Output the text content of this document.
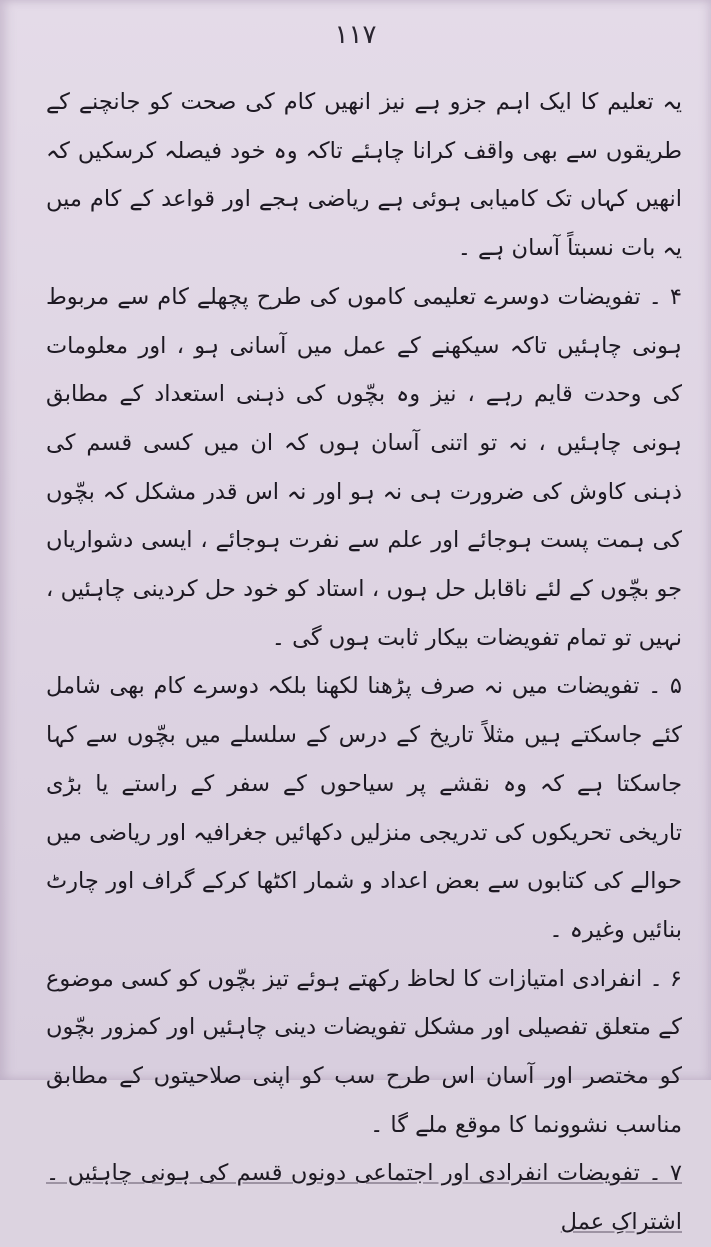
١١٧

یہ تعلیم کا ایک اہم جزو ہے نیز انھیں کام کی صحت کو جانچنے کے طریقوں سے بھی واقف کرانا چاہئے تاکہ وہ خود فیصلہ کرسکیں کہ انھیں کہاں تک کامیابی ہوئی ہے ریاضی ہجے اور قواعد کے کام میں یہ بات نسبتاً آسان ہے ۔

۴ ۔ تفویضات دوسرے تعلیمی کاموں کی طرح پچھلے کام سے مربوط ہونی چاہئیں تاکہ سیکھنے کے عمل میں آسانی ہو ، اور معلومات کی وحدت قایم رہے ، نیز وہ بچّوں کی ذہنی استعداد کے مطابق ہونی چاہئیں ، نہ تو اتنی آسان ہوں کہ ان میں کسی قسم کی ذہنی کاوش کی ضرورت ہی نہ ہو اور نہ اس قدر مشکل کہ بچّوں کی ہمت پست ہوجائے اور علم سے نفرت ہوجائے ، ایسی دشواریاں جو بچّوں کے لئے ناقابل حل ہوں ، استاد کو خود حل کردینی چاہئیں ، نہیں تو تمام تفویضات بیکار ثابت ہوں گی ۔

۵ ۔ تفویضات میں نہ صرف پڑھنا لکھنا بلکہ دوسرے کام بھی شامل کئے جاسکتے ہیں مثلاً تاریخ کے درس کے سلسلے میں بچّوں سے کہا جاسکتا ہے کہ وہ نقشے پر سیاحوں کے سفر کے راستے یا بڑی تاریخی تحریکوں کی تدریجی منزلیں دکھائیں جغرافیہ اور ریاضی میں حوالے کی کتابوں سے بعض اعداد و شمار اکٹھا کرکے گراف اور چارٹ بنائیں وغیرہ ۔

۶ ۔ انفرادی امتیازات کا لحاظ رکھتے ہوئے تیز بچّوں کو کسی موضوع کے متعلق تفصیلی اور مشکل تفویضات دینی چاہئیں اور کمزور بچّوں کو مختصر اور آسان اس طرح سب کو اپنی صلاحیتوں کے مطابق مناسب نشوونما کا موقع ملے گا ۔

۷ ۔ تفویضات انفرادی اور اجتماعی دونوں قسم کی ہونی چاہئیں ۔ اشتراکِ عمل
